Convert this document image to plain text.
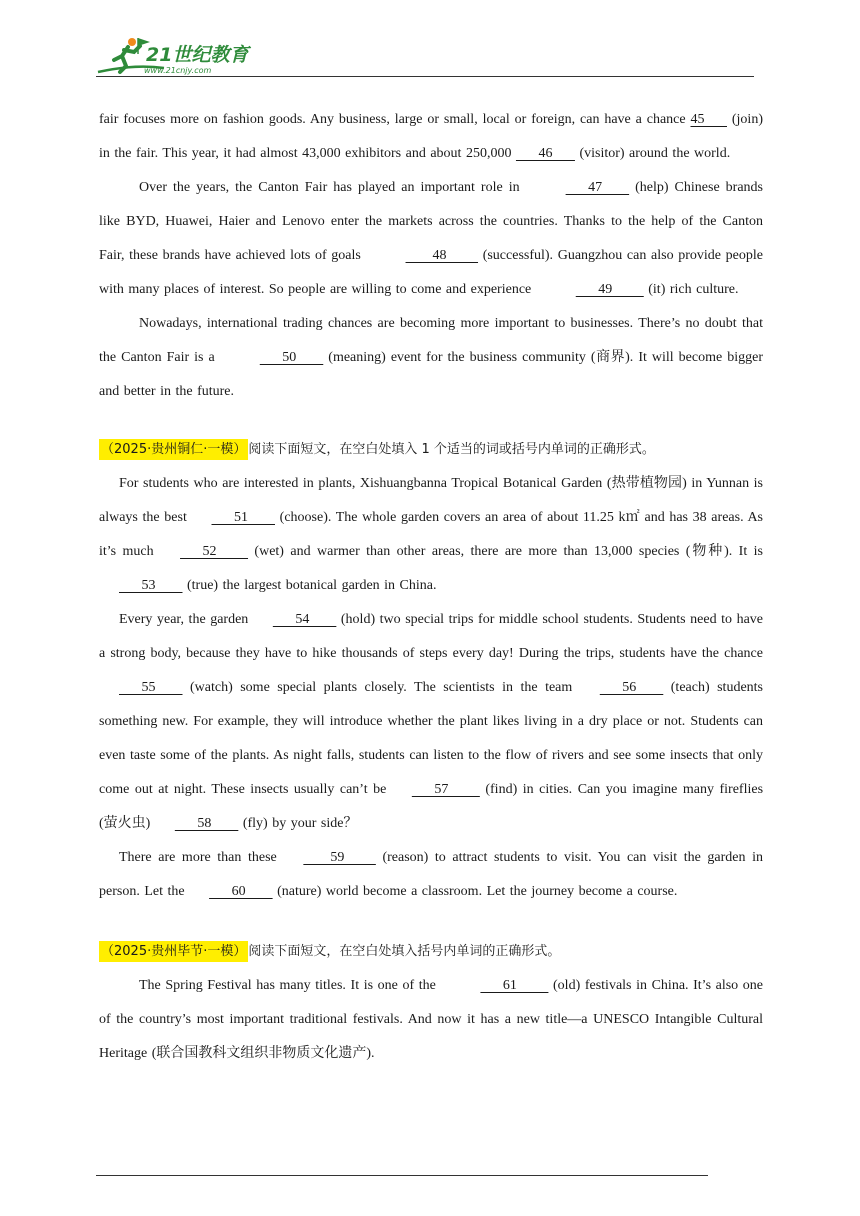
21世纪教育
www.21cnjy.com

fair focuses more on fashion goods. Any business, large or small, local or foreign, can have a chance 45      (join) in the fair. This year, it had almost 43,000 exhibitors and about 250,000      46      (visitor) around the world.

Over the years, the Canton Fair has played an important role in	47       (help) Chinese brands like BYD, Huawei, Haier and Lenovo enter the markets across the countries. Thanks to the help of the Canton Fair, these brands have achieved lots of goals	48        (successful). Guangzhou can also provide people with many places of interest. So people are willing to come and experience	49        (it) rich culture.

Nowadays, international trading chances are becoming more important to businesses. There’s no doubt that the Canton Fair is a	50       (meaning) event for the business community (商界). It will become bigger and better in the future.

（2025·贵州铜仁·一模） 阅读下面短文，在空白处填入 1 个适当的词或括号内单词的正确形式。

For students who are interested in plants, Xishuangbanna Tropical Botanical Garden (热带植物园) in Yunnan is always the best      51       (choose). The whole garden covers an area of about 11.25 k㎡ and has 38 areas. As it’s much      52        (wet) and warmer than other areas, there are more than 13,000 species (物种). It is      53       (true) the largest botanical garden in China.

Every year, the garden      54       (hold) two special trips for middle school students. Students need to have a strong body, because they have to hike thousands of steps every day! During the trips, students have the chance      55       (watch) some special plants closely. The scientists in the team      56       (teach) students something new. For example, they will introduce whether the plant likes living in a dry place or not. Students can even taste some of the plants. As night falls, students can listen to the flow of rivers and see some insects that only come out at night. These insects usually can’t be      57        (find) in cities. Can you imagine many fireflies (萤火虫)      58       (fly) by your side？

There are more than these       59        (reason) to attract students to visit. You can visit the garden in person. Let the      60       (nature) world become a classroom. Let the journey become a course.

（2025·贵州毕节·一模） 阅读下面短文，在空白处填入括号内单词的正确形式。

The Spring Festival has many titles. It is one of the	61        (old) festivals in China. It’s also one of the country’s most important traditional festivals. And now it has a new title—a UNESCO Intangible Cultural Heritage (联合国教科文组织非物质文化遗产).
